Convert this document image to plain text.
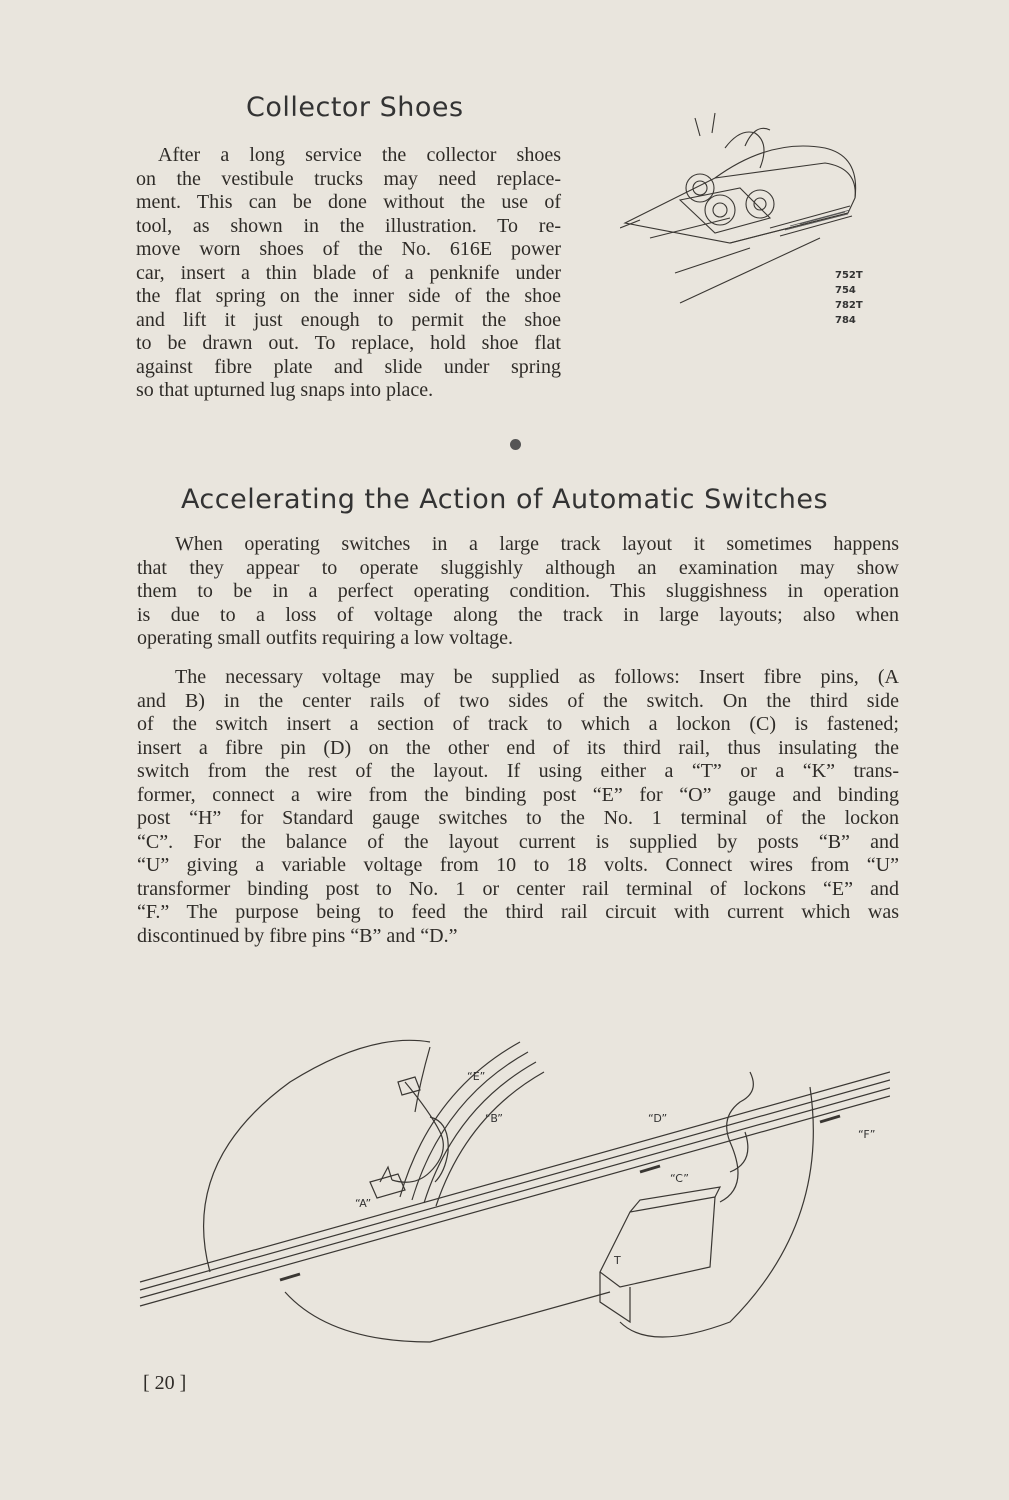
Collector Shoes

After a long service the collector shoes
on the vestibule trucks may need replace-
ment. This can be done without the use of
tool, as shown in the illustration. To re-
move worn shoes of the No. 616E power
car, insert a thin blade of a penknife under
the flat spring on the inner side of the shoe
and lift it just enough to permit the shoe
to be drawn out. To replace, hold shoe flat
against fibre plate and slide under spring
so that upturned lug snaps into place.

752T
754
782T
784
Accelerating the Action of Automatic Switches

When operating switches in a large track layout it sometimes happens
that they appear to operate sluggishly although an examination may show
them to be in a perfect operating condition. This sluggishness in operation
is due to a loss of voltage along the track in large layouts; also when
operating small outfits requiring a low voltage.

The necessary voltage may be supplied as follows: Insert fibre pins, (A
and B) in the center rails of two sides of the switch. On the third side
of the switch insert a section of track to which a lockon (C) is fastened;
insert a fibre pin (D) on the other end of its third rail, thus insulating the
switch from the rest of the layout. If using either a “T” or a “K” trans-
former, connect a wire from the binding post “E” for “O” gauge and binding
post “H” for Standard gauge switches to the No. 1 terminal of the lockon
“C”. For the balance of the layout current is supplied by posts “B” and
“U” giving a variable voltage from 10 to 18 volts. Connect wires from “U”
transformer binding post to No. 1 or center rail terminal of lockons “E” and
“F.” The purpose being to feed the third rail circuit with current which was
discontinued by fibre pins “B” and “D.”

“A”
“B”
“C”
“D”
“E”
“F”
T
[ 20 ]
